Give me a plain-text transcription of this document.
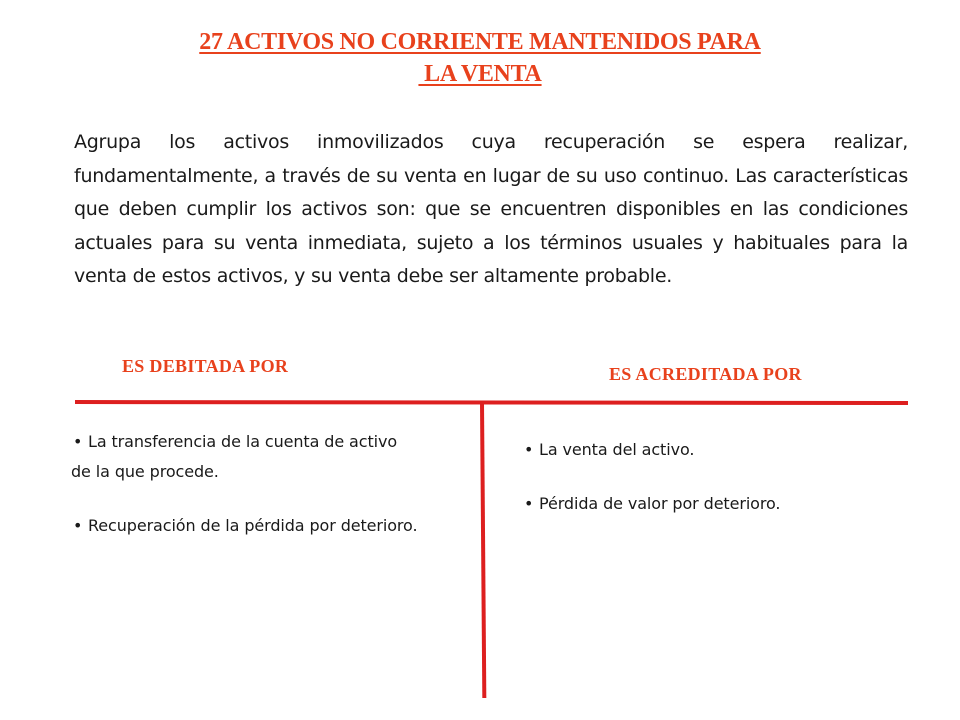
27 ACTIVOS NO CORRIENTE MANTENIDOS PARA
LA VENTA

Agrupa los activos inmovilizados cuya recuperación se espera realizar, fundamentalmente, a través de su venta en lugar de su uso continuo. Las características que deben cumplir los activos son: que se encuentren disponibles en las condiciones actuales para su venta inmediata, sujeto a los términos usuales y habituales para la venta de estos activos, y su venta debe ser altamente probable.

ES DEBITADA POR	ES ACREDITADA POR
• La transferencia de la cuenta de activo de la que procede.
• Recuperación de la pérdida por deterioro.
• La venta del activo.
• Pérdida de valor por deterioro.
